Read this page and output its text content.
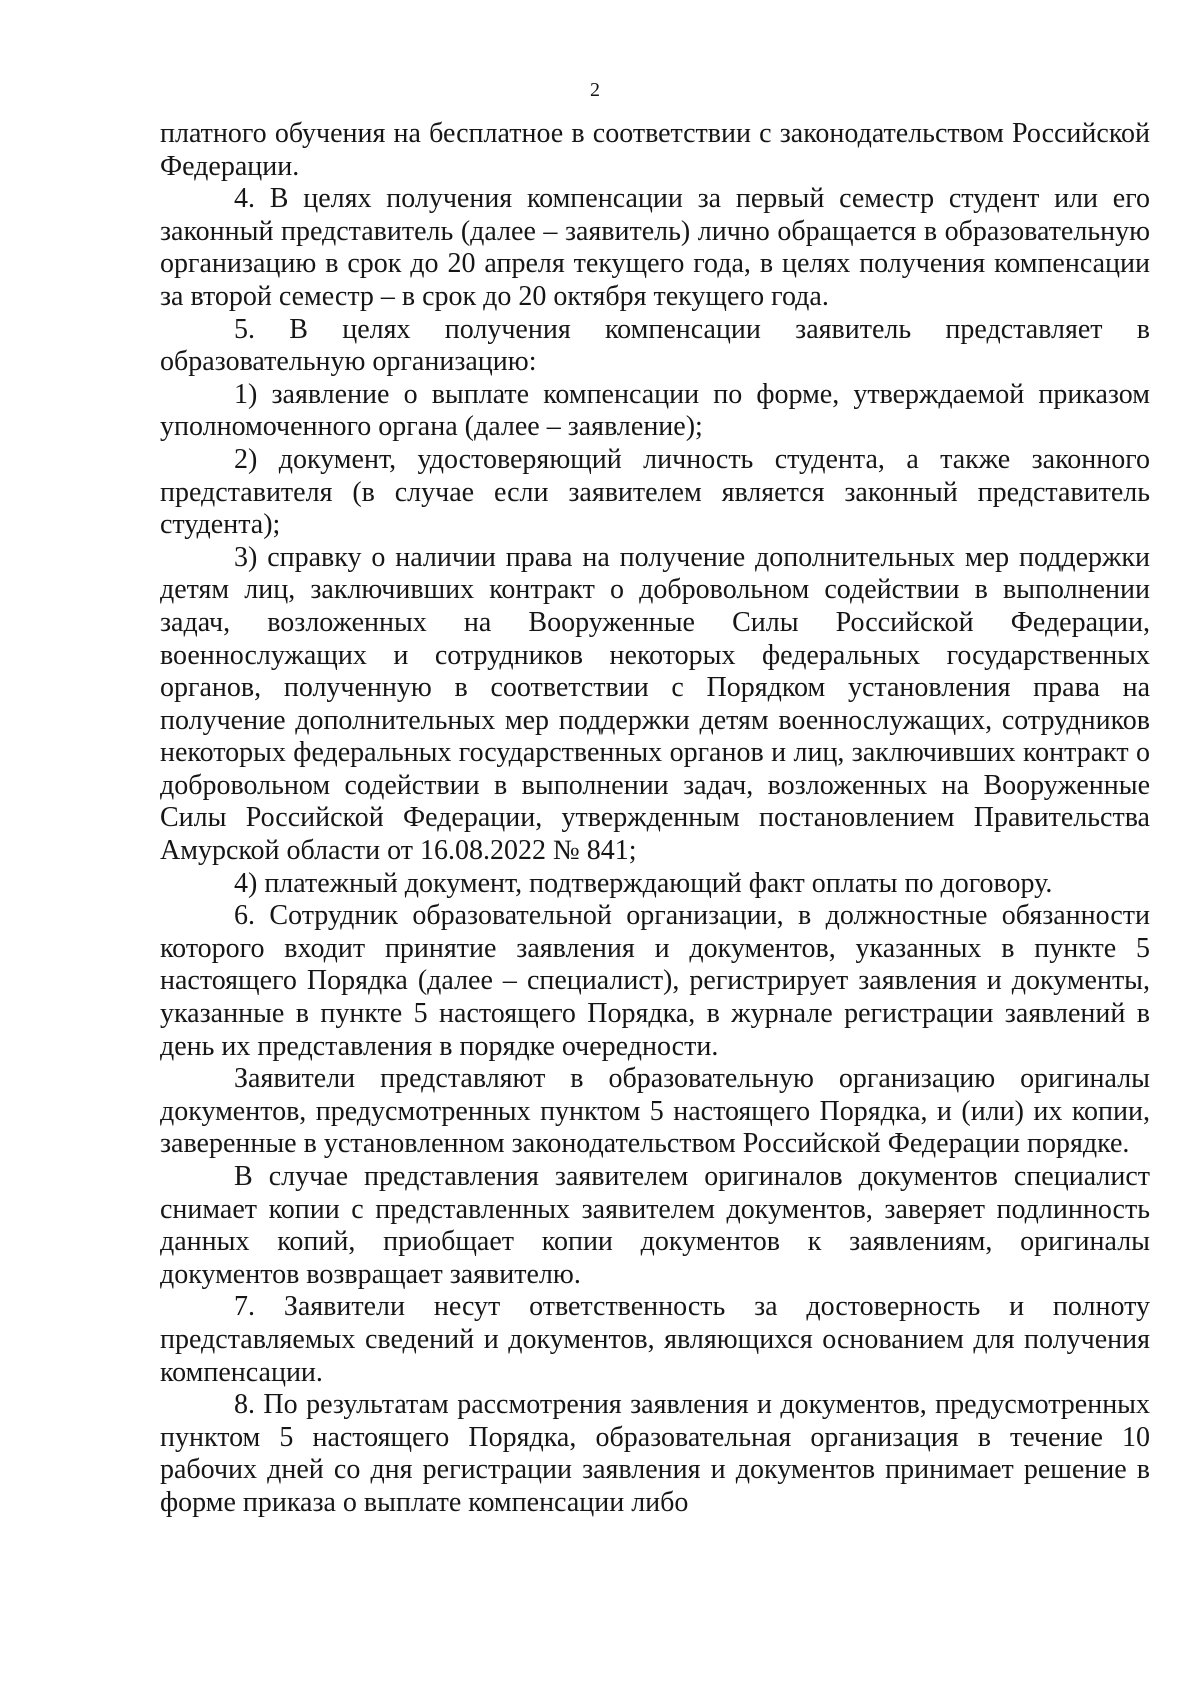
2

платного обучения на бесплатное в соответствии с законодательством Российской Федерации.

4. В целях получения компенсации за первый семестр студент или его законный представитель (далее – заявитель) лично обращается в образовательную организацию в срок до 20 апреля текущего года, в целях получения компенсации за второй семестр – в срок до 20 октября текущего года.

5. В целях получения компенсации заявитель представляет в образовательную организацию:

1) заявление о выплате компенсации по форме, утверждаемой приказом уполномоченного органа (далее – заявление);

2) документ, удостоверяющий личность студента, а также законного представителя (в случае если заявителем является законный представитель студента);

3) справку о наличии права на получение дополнительных мер поддержки детям лиц, заключивших контракт о добровольном содействии в выполнении задач, возложенных на Вооруженные Силы Российской Федерации, военнослужащих и сотрудников некоторых федеральных государственных органов, полученную в соответствии с Порядком установления права на получение дополнительных мер поддержки детям военнослужащих, сотрудников некоторых федеральных государственных органов и лиц, заключивших контракт о добровольном содействии в выполнении задач, возложенных на Вооруженные Силы Российской Федерации, утвержденным постановлением Правительства Амурской области от 16.08.2022 № 841;

4) платежный документ, подтверждающий факт оплаты по договору.

6. Сотрудник образовательной организации, в должностные обязанности которого входит принятие заявления и документов, указанных в пункте 5 настоящего Порядка (далее – специалист), регистрирует заявления и документы, указанные в пункте 5 настоящего Порядка, в журнале регистрации заявлений в день их представления в порядке очередности.

Заявители представляют в образовательную организацию оригиналы документов, предусмотренных пунктом 5 настоящего Порядка, и (или) их копии, заверенные в установленном законодательством Российской Федерации порядке.

В случае представления заявителем оригиналов документов специалист снимает копии с представленных заявителем документов, заверяет подлинность данных копий, приобщает копии документов к заявлениям, оригиналы документов возвращает заявителю.

7. Заявители несут ответственность за достоверность и полноту представляемых сведений и документов, являющихся основанием для получения компенсации.

8. По результатам рассмотрения заявления и документов, предусмотренных пунктом 5 настоящего Порядка, образовательная организация в течение 10 рабочих дней со дня регистрации заявления и документов принимает решение в форме приказа о выплате компенсации либо
